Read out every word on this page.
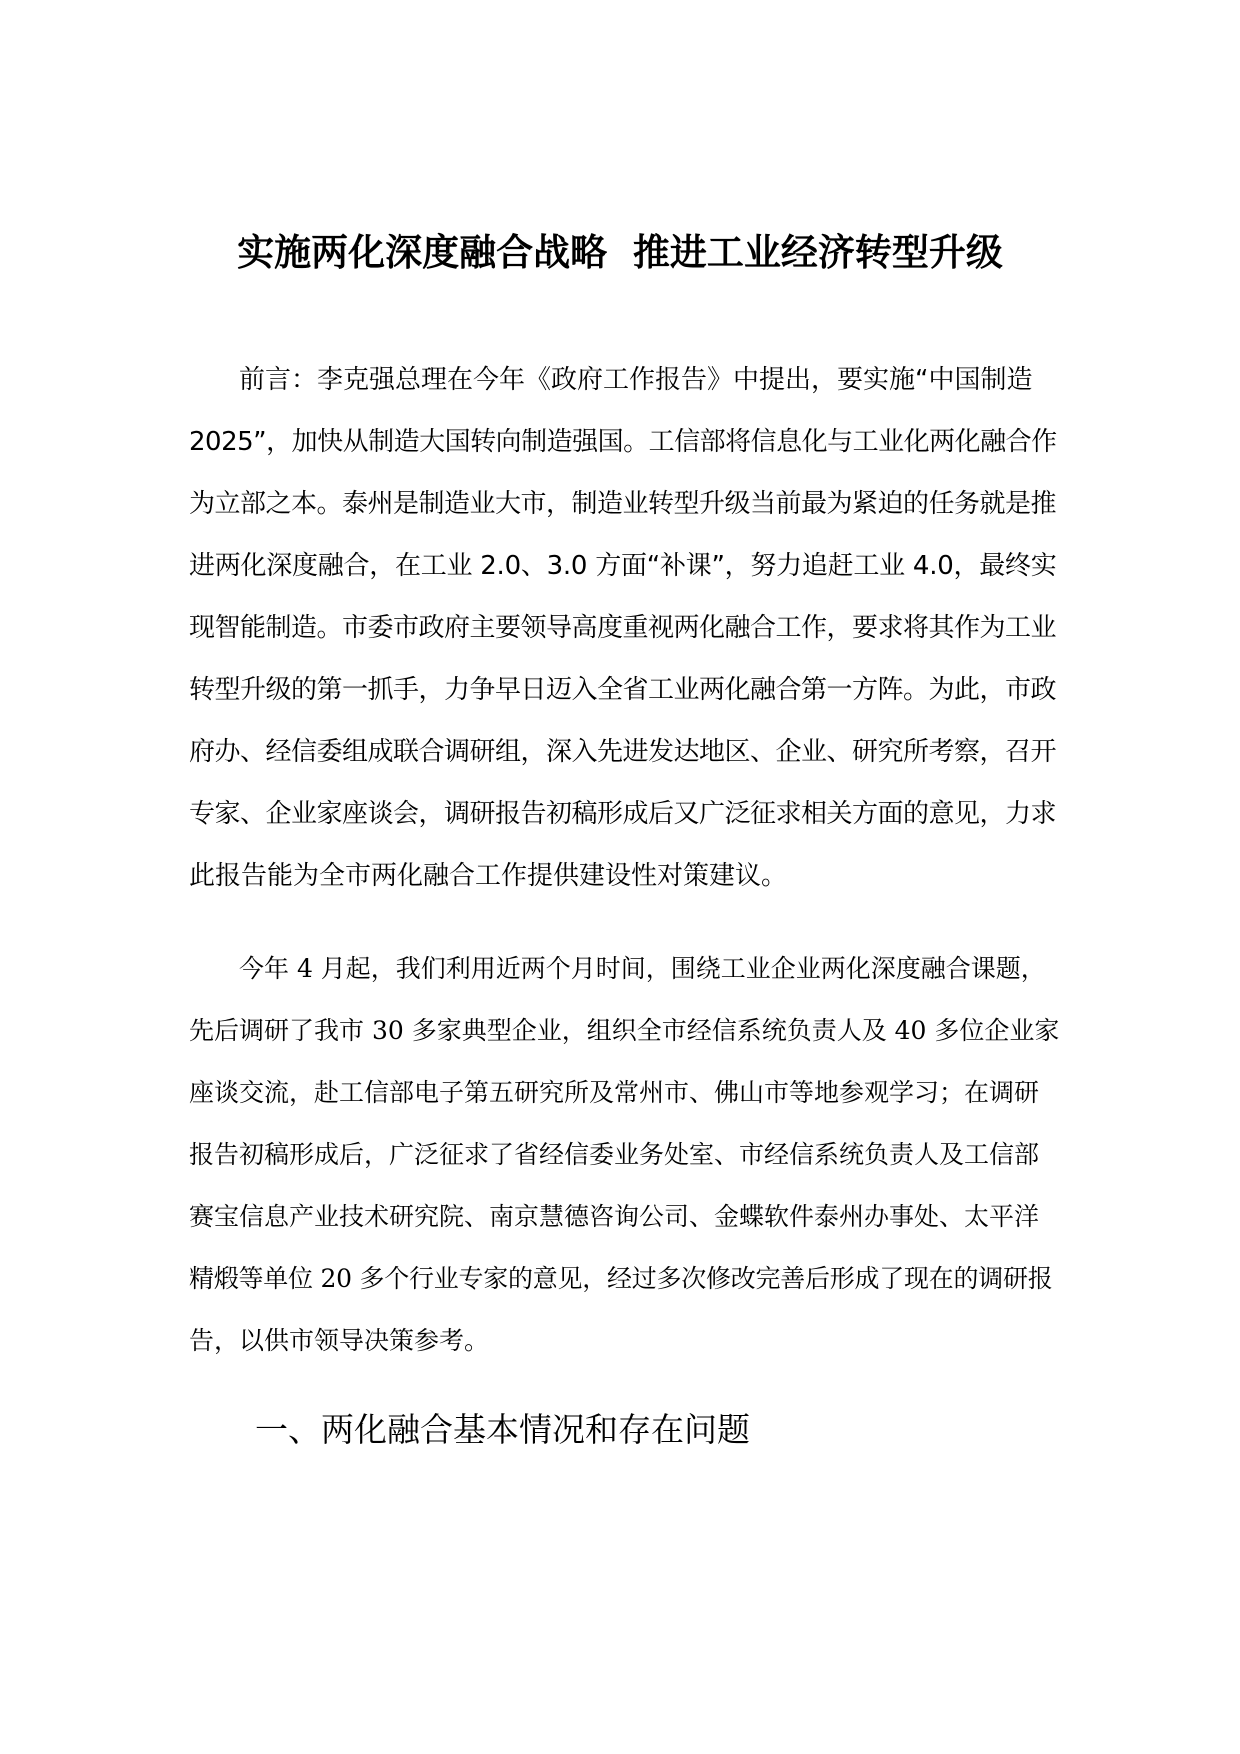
实施两化深度融合战略  推进工业经济转型升级
前言：李克强总理在今年《政府工作报告》中提出，要实施“中国制造
2025”，加快从制造大国转向制造强国。工信部将信息化与工业化两化融合作
为立部之本。泰州是制造业大市，制造业转型升级当前最为紧迫的任务就是推
进两化深度融合，在工业 2.0、3.0 方面“补课”，努力追赶工业 4.0，最终实
现智能制造。市委市政府主要领导高度重视两化融合工作，要求将其作为工业
转型升级的第一抓手，力争早日迈入全省工业两化融合第一方阵。为此，市政
府办、经信委组成联合调研组，深入先进发达地区、企业、研究所考察，召开
专家、企业家座谈会，调研报告初稿形成后又广泛征求相关方面的意见，力求
此报告能为全市两化融合工作提供建设性对策建议。
今年 4 月起，我们利用近两个月时间，围绕工业企业两化深度融合课题，
先后调研了我市 30 多家典型企业，组织全市经信系统负责人及 40 多位企业家
座谈交流，赴工信部电子第五研究所及常州市、佛山市等地参观学习；在调研
报告初稿形成后，广泛征求了省经信委业务处室、市经信系统负责人及工信部
赛宝信息产业技术研究院、南京慧德咨询公司、金蝶软件泰州办事处、太平洋
精煅等单位 20 多个行业专家的意见，经过多次修改完善后形成了现在的调研报
告，以供市领导决策参考。
一、两化融合基本情况和存在问题
